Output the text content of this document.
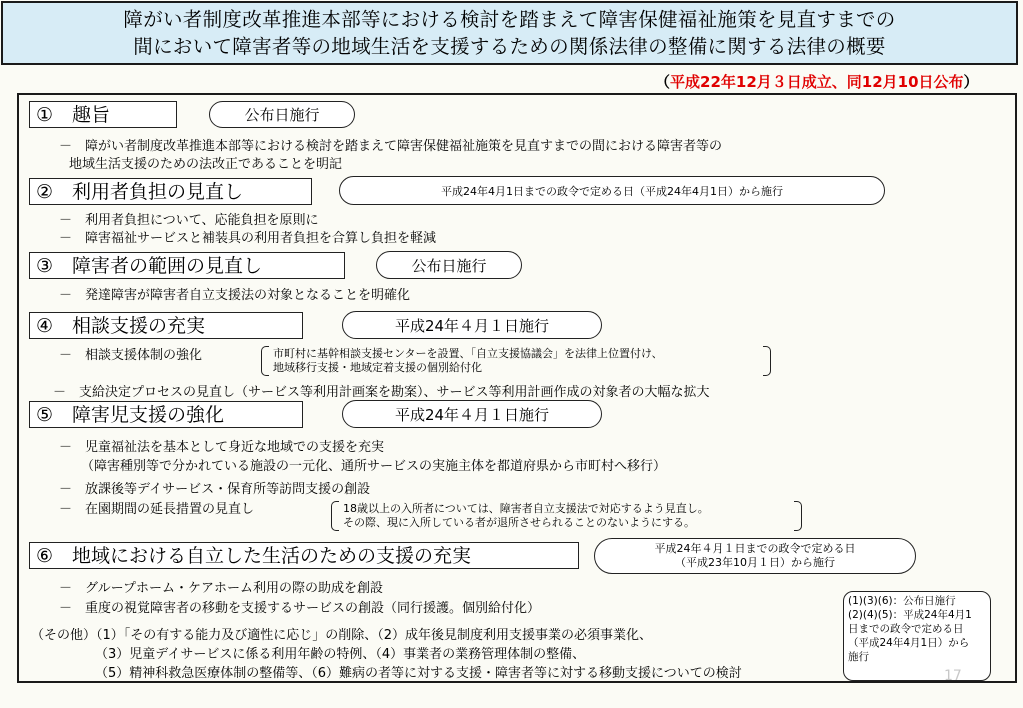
障がい者制度改革推進本部等における検討を踏まえて障害保健福祉施策を見直すまでの
間において障害者等の地域生活を支援するための関係法律の整備に関する法律の概要
（平成22年12月３日成立、同12月10日公布）
①　趣旨	公布日施行
－　障がい者制度改革推進本部等における検討を踏まえて障害保健福祉施策を見直すまでの間における障害者等の
地域生活支援のための法改正であることを明記
②　利用者負担の見直し	平成24年4月1日までの政令で定める日（平成24年4月1日）から施行
－　利用者負担について、応能負担を原則に
－　障害福祉サービスと補装具の利用者負担を合算し負担を軽減
③　障害者の範囲の見直し	公布日施行
－　発達障害が障害者自立支援法の対象となることを明確化
④　相談支援の充実	平成24年４月１日施行
－　相談支援体制の強化	市町村に基幹相談支援センターを設置、「自立支援協議会」を法律上位置付け、
地域移行支援・地域定着支援の個別給付化
－　支給決定プロセスの見直し（サービス等利用計画案を勘案）、サービス等利用計画作成の対象者の大幅な拡大
⑤　障害児支援の強化	平成24年４月１日施行
－　児童福祉法を基本として身近な地域での支援を充実
（障害種別等で分かれている施設の一元化、通所サービスの実施主体を都道府県から市町村へ移行）
－　放課後等デイサービス・保育所等訪問支援の創設
－　在園期間の延長措置の見直し	18歳以上の入所者については、障害者自立支援法で対応するよう見直し。
その際、現に入所している者が退所させられることのないようにする。
⑥　地域における自立した生活のための支援の充実	平成24年４月１日までの政令で定める日
（平成23年10月１日）から施行
－　グループホーム・ケアホーム利用の際の助成を創設
－　重度の視覚障害者の移動を支援するサービスの創設（同行援護。個別給付化）
（その他）（1）「その有する能力及び適性に応じ」の削除、（2）成年後見制度利用支援事業の必須事業化、
（3）児童デイサービスに係る利用年齢の特例、（4）事業者の業務管理体制の整備、
（5）精神科救急医療体制の整備等、（6）難病の者等に対する支援・障害者等に対する移動支援についての検討
(1)(3)(6)：公布日施行
(2)(4)(5)：平成24年4月1
日までの政令で定める日
（平成24年4月1日）から
施行
17
